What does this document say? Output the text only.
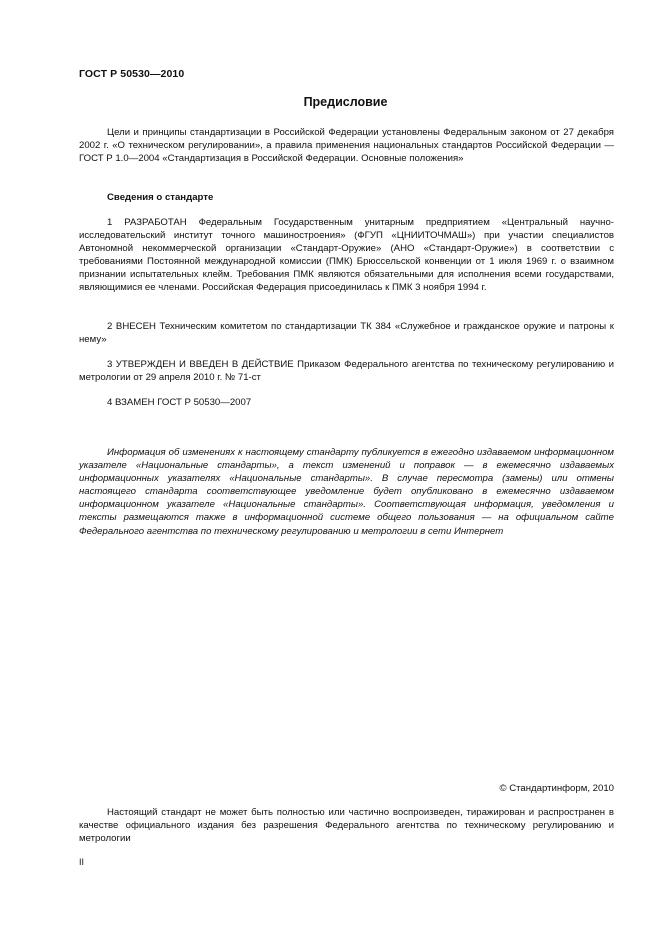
ГОСТ Р 50530—2010
Предисловие

Цели и принципы стандартизации в Российской Федерации установлены Федеральным законом от 27 декабря 2002 г. «О техническом регулировании», а правила применения национальных стандартов Российской Федерации — ГОСТ Р 1.0—2004 «Стандартизация в Российской Федерации. Основные положения»

Сведения о стандарте

1 РАЗРАБОТАН Федеральным Государственным унитарным предприятием «Центральный научно-исследовательский институт точного машиностроения» (ФГУП «ЦНИИТОЧМАШ») при участии специалистов Автономной некоммерческой организации «Стандарт-Оружие» (АНО «Стандарт-Оружие») в соответствии с требованиями Постоянной международной комиссии (ПМК) Брюссельской конвенции от 1 июля 1969 г. о взаимном признании испытательных клейм. Требования ПМК являются обязательными для исполнения всеми государствами, являющимися ее членами. Российская Федерация присоединилась к ПМК 3 ноября 1994 г.

2 ВНЕСЕН Техническим комитетом по стандартизации ТК 384 «Служебное и гражданское оружие и патроны к нему»

3 УТВЕРЖДЕН И ВВЕДЕН В ДЕЙСТВИЕ Приказом Федерального агентства по техническому регулированию и метрологии от 29 апреля 2010 г. № 71-ст

4 ВЗАМЕН ГОСТ Р 50530—2007

Информация об изменениях к настоящему стандарту публикуется в ежегодно издаваемом информационном указателе «Национальные стандарты», а текст изменений и поправок — в ежемесячно издаваемых информационных указателях «Национальные стандарты». В случае пересмотра (замены) или отмены настоящего стандарта соответствующее уведомление будет опубликовано в ежемесячно издаваемом информационном указателе «Национальные стандарты». Соответствующая информация, уведомления и тексты размещаются также в информационной системе общего пользования — на официальном сайте Федерального агентства по техническому регулированию и метрологии в сети Интернет

© Стандартинформ, 2010

Настоящий стандарт не может быть полностью или частично воспроизведен, тиражирован и распространен в качестве официального издания без разрешения Федерального агентства по техническому регулированию и метрологии

II
